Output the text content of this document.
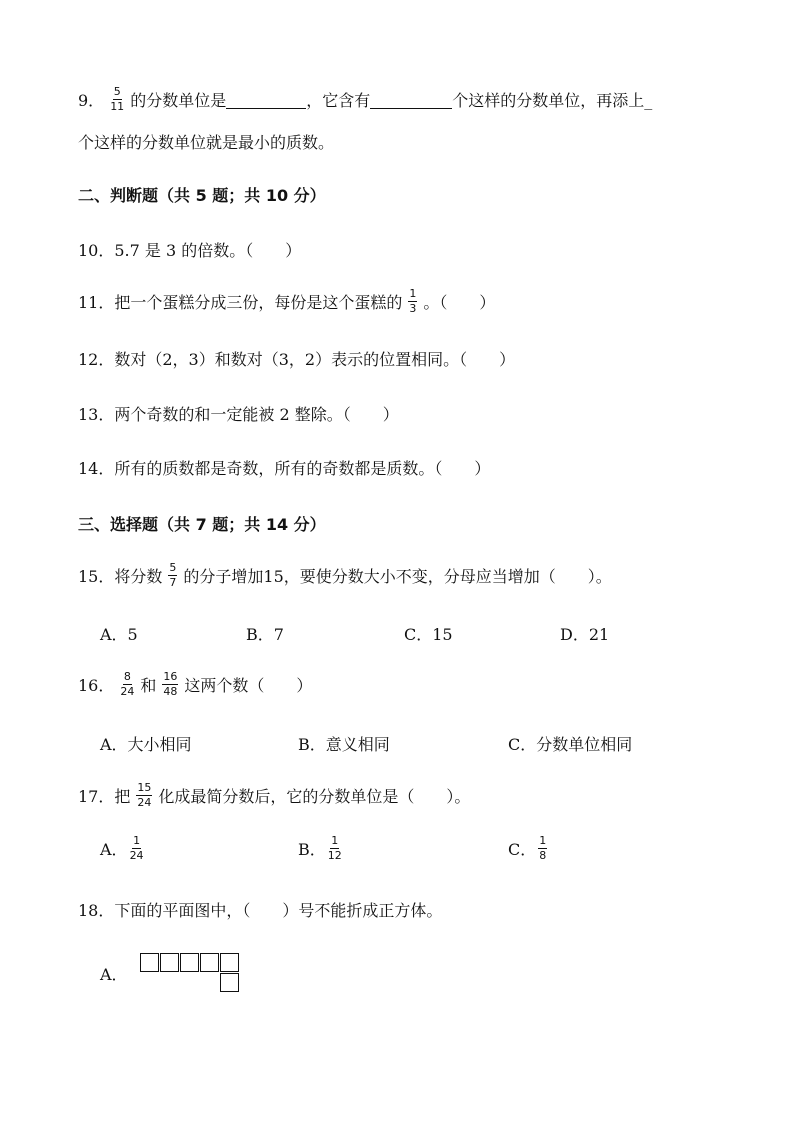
9． $\frac{5}{11}$ 的分数单位是	，它含有	个这样的分数单位，再添上_
个这样的分数单位就是最小的质数。
二、判断题（共 5 题；共 10 分）
10．5.7 是 3 的倍数。（　　）
11． 把一个蛋糕分成三份，每份是这个蛋糕的 $\frac{1}{3}$ 。（　　）
12．数对（2，3）和数对（3，2）表示的位置相同。（　　）
13．两个奇数的和一定能被 2 整除。（　　）
14．所有的质数都是奇数，所有的奇数都是质数。（　　）
三、选择题（共 7 题；共 14 分）
15． 将分数 $\frac{5}{7}$ 的分子增加15，要使分数大小不变，分母应当增加（　　）。
A．5	B．7	C．15	D．21
16． $\frac{8}{24}$ 和 $\frac{16}{48}$ 这两个数（　　）
A．大小相同	B．意义相同	C．分数单位相同
17． 把 $\frac{15}{24}$ 化成最简分数后，它的分数单位是（　　）。
A． $\frac{1}{24}$	B． $\frac{1}{12}$	C． $\frac{1}{8}$
18．下面的平面图中，（　　）号不能折成正方体。
A．
